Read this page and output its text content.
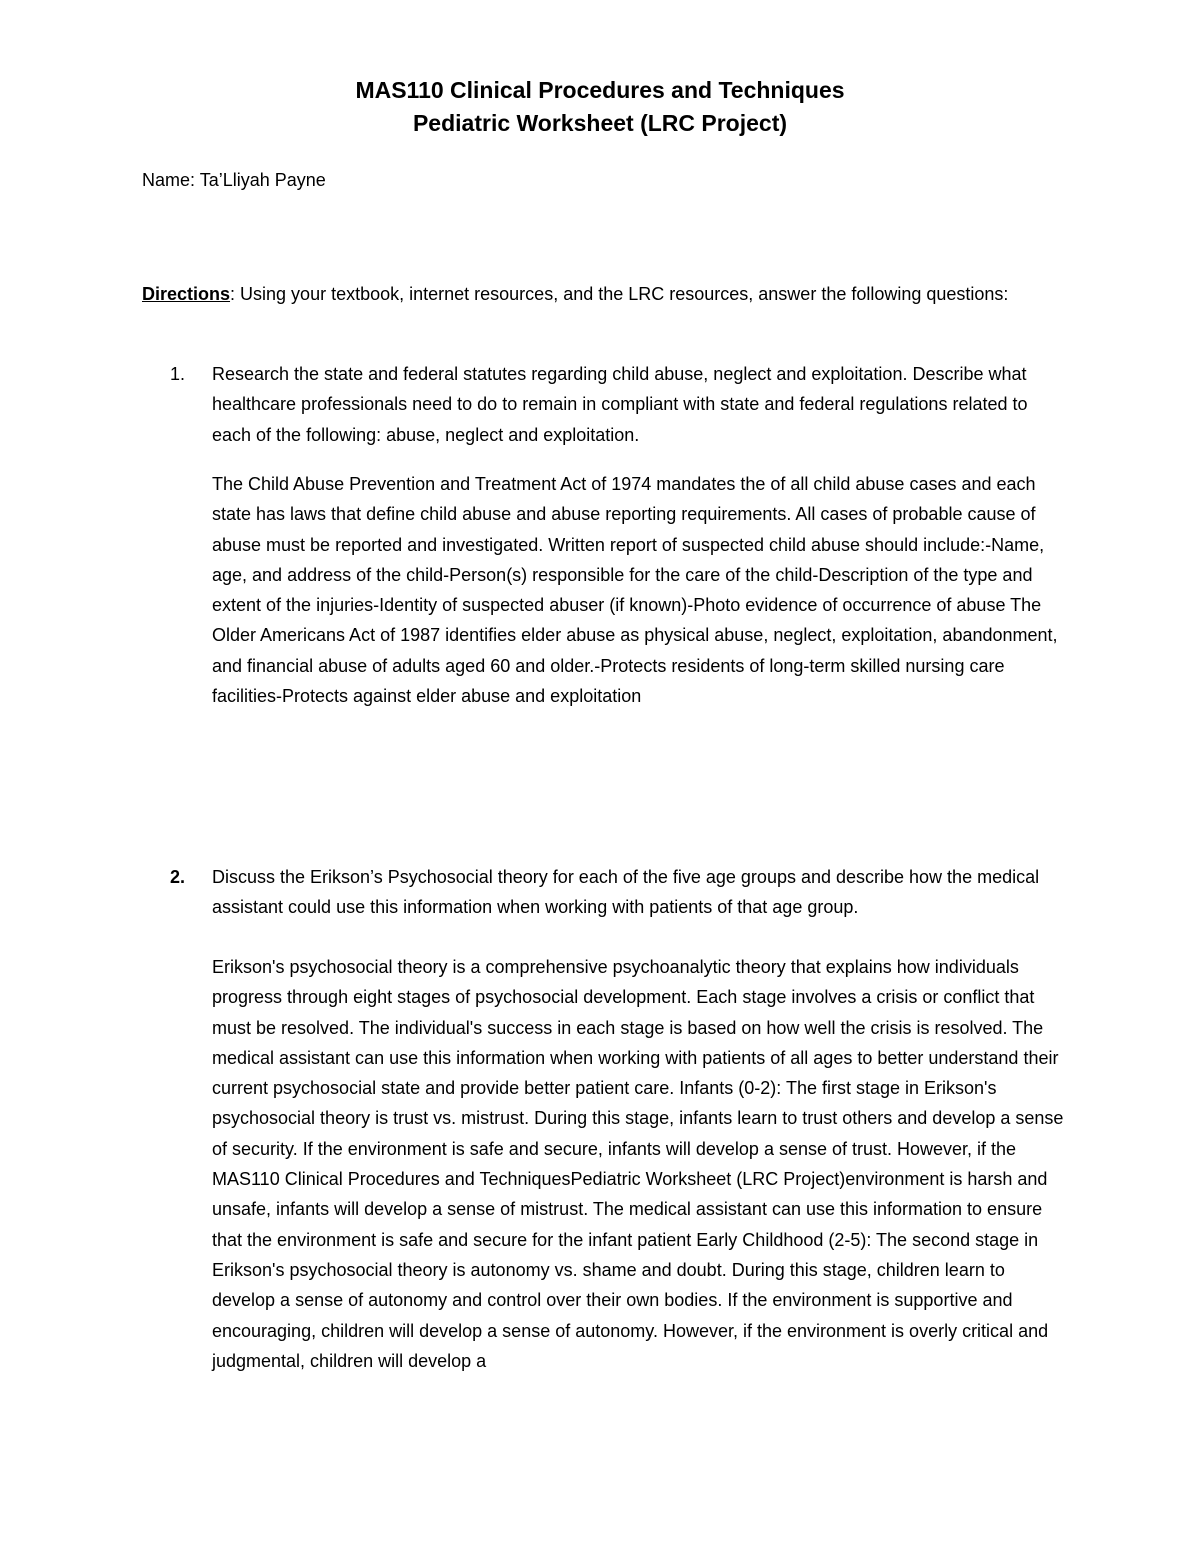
MAS110 Clinical Procedures and Techniques
Pediatric Worksheet (LRC Project)
Name: Ta’Lliyah Payne
Directions: Using your textbook, internet resources, and the LRC resources, answer the following questions:
1. Research the state and federal statutes regarding child abuse, neglect and exploitation. Describe what healthcare professionals need to do to remain in compliant with state and federal regulations related to each of the following: abuse, neglect and exploitation.
The Child Abuse Prevention and Treatment Act of 1974 mandates the of all child abuse cases and each state has laws that define child abuse and abuse reporting requirements. All cases of probable cause of abuse must be reported and investigated. Written report of suspected child abuse should include:-Name, age, and address of the child-Person(s) responsible for the care of the child-Description of the type and extent of the injuries-Identity of suspected abuser (if known)-Photo evidence of occurrence of abuse The Older Americans Act of 1987 identifies elder abuse as physical abuse, neglect, exploitation, abandonment, and financial abuse of adults aged 60 and older.-Protects residents of long-term skilled nursing care facilities-Protects against elder abuse and exploitation
2. Discuss the Erikson’s Psychosocial theory for each of the five age groups and describe how the medical assistant could use this information when working with patients of that age group.
Erikson's psychosocial theory is a comprehensive psychoanalytic theory that explains how individuals progress through eight stages of psychosocial development. Each stage involves a crisis or conflict that must be resolved. The individual's success in each stage is based on how well the crisis is resolved. The medical assistant can use this information when working with patients of all ages to better understand their current psychosocial state and provide better patient care. Infants (0-2): The first stage in Erikson's psychosocial theory is trust vs. mistrust. During this stage, infants learn to trust others and develop a sense of security. If the environment is safe and secure, infants will develop a sense of trust. However, if the MAS110 Clinical Procedures and TechniquesPediatric Worksheet (LRC Project)environment is harsh and unsafe, infants will develop a sense of mistrust. The medical assistant can use this information to ensure that the environment is safe and secure for the infant patient Early Childhood (2-5): The second stage in Erikson's psychosocial theory is autonomy vs. shame and doubt. During this stage, children learn to develop a sense of autonomy and control over their own bodies. If the environment is supportive and encouraging, children will develop a sense of autonomy. However, if the environment is overly critical and judgmental, children will develop a
